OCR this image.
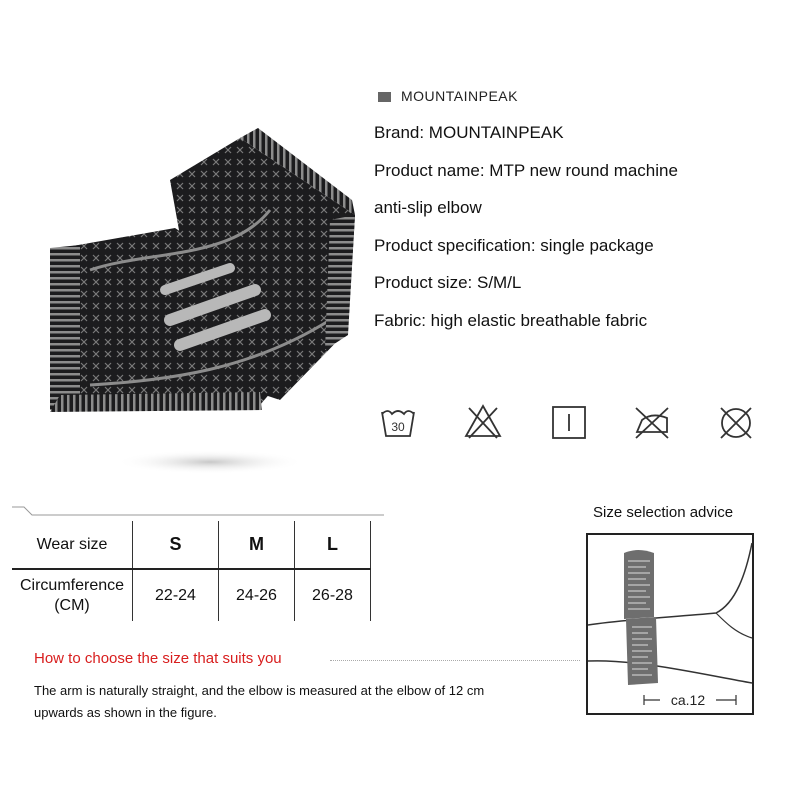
MOUNTAINPEAK
Brand: MOUNTAINPEAK
Product name: MTP new round machine
anti-slip elbow
Product specification: single package
Product size: S/M/L
Fabric: high elastic breathable fabric
30
Wear size	S	M	L

Circumference
(CM)	22-24	24-26	26-28
Size selection advice
ca.12
How to choose the size that suits you
The arm is naturally straight, and the elbow is measured at the elbow of 12 cm
upwards as shown in the figure.
